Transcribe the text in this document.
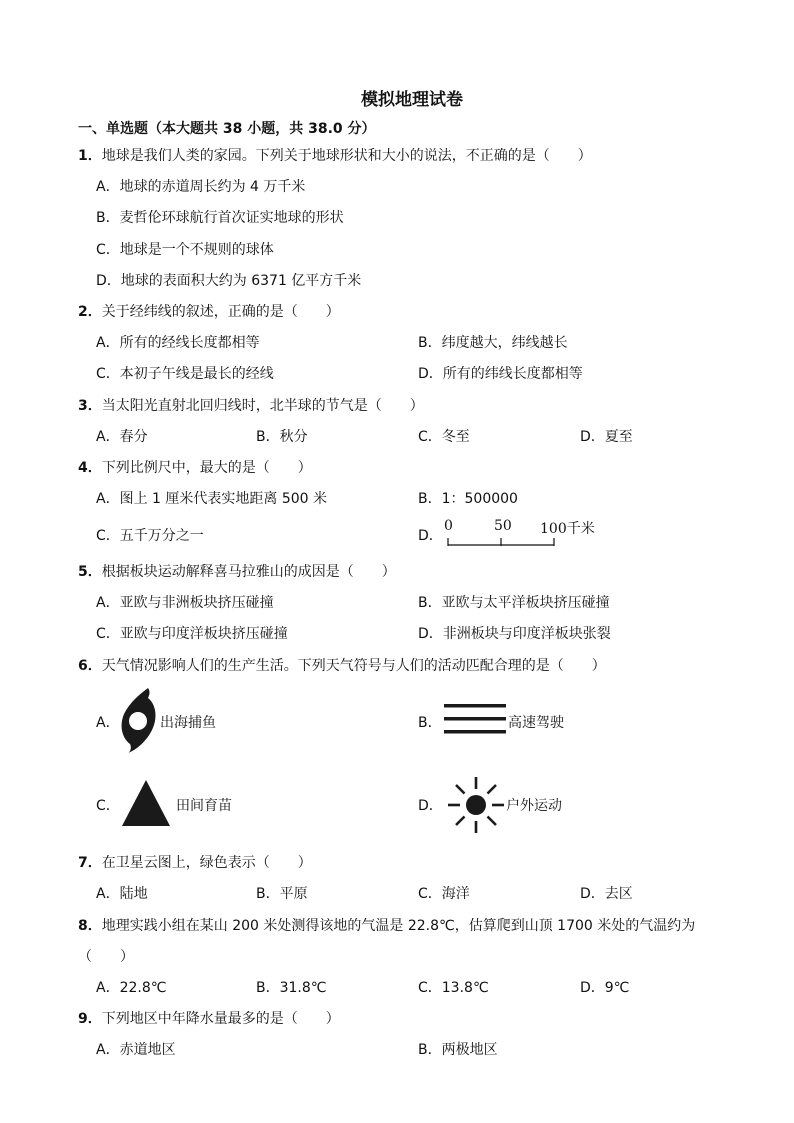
模拟地理试卷
一、单选题（本大题共 38 小题，共 38.0 分）
1．地球是我们人类的家园。下列关于地球形状和大小的说法，不正确的是（　　）
A．地球的赤道周长约为 4 万千米
B．麦哲伦环球航行首次证实地球的形状
C．地球是一个不规则的球体
D．地球的表面积大约为 6371 亿平方千米
2．关于经纬线的叙述，正确的是（　　）
A．所有的经线长度都相等	B．纬度越大，纬线越长
C．本初子午线是最长的经线	D．所有的纬线长度都相等
3．当太阳光直射北回归线时，北半球的节气是（　　）
A．春分	B．秋分	C．冬至	D．夏至
4．下列比例尺中，最大的是（　　）
A．图上 1 厘米代表实地距离 500 米	B．1：500000
C．五千万分之一	D．
0	50 100千米
5．根据板块运动解释喜马拉雅山的成因是（　　）
A．亚欧与非洲板块挤压碰撞	B．亚欧与太平洋板块挤压碰撞
C．亚欧与印度洋板块挤压碰撞	D．非洲板块与印度洋板块张裂
6．天气情况影响人们的生产生活。下列天气符号与人们的活动匹配合理的是（　　）
A．	出海捕鱼	B．	高速驾驶
C．	田间育苗	D．	户外运动
7．在卫星云图上，绿色表示（　　）
A．陆地	B．平原	C．海洋	D．去区
8．地理实践小组在某山 200 米处测得该地的气温是 22.8℃，估算爬到山顶 1700 米处的气温约为
（　　）
A．22.8℃	B．31.8℃	C．13.8℃	D．9℃
9．下列地区中年降水量最多的是（　　）
A．赤道地区	B．两极地区
